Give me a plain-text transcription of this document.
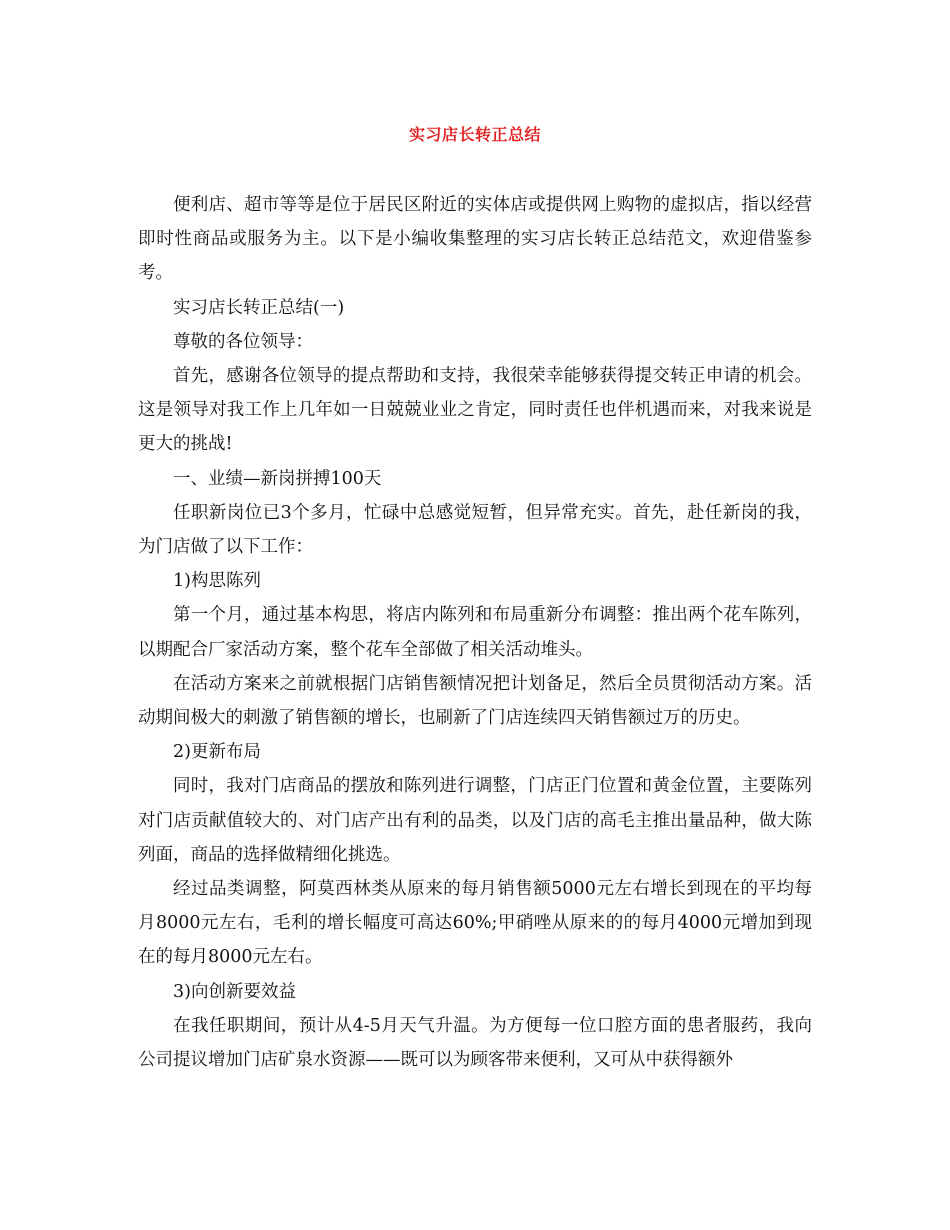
实习店长转正总结

便利店、超市等等是位于居民区附近的实体店或提供网上购物的虚拟店，指以经营即时性商品或服务为主。以下是小编收集整理的实习店长转正总结范文，欢迎借鉴参考。

实习店长转正总结(一)

尊敬的各位领导：

首先，感谢各位领导的提点帮助和支持，我很荣幸能够获得提交转正申请的机会。这是领导对我工作上几年如一日兢兢业业之肯定，同时责任也伴机遇而来，对我来说是更大的挑战!

一、业绩—新岗拼搏100天

任职新岗位已3个多月，忙碌中总感觉短暂，但异常充实。首先，赴任新岗的我，为门店做了以下工作：

1)构思陈列

第一个月，通过基本构思，将店内陈列和布局重新分布调整：推出两个花车陈列，以期配合厂家活动方案，整个花车全部做了相关活动堆头。

在活动方案来之前就根据门店销售额情况把计划备足，然后全员贯彻活动方案。活动期间极大的刺激了销售额的增长，也刷新了门店连续四天销售额过万的历史。

2)更新布局

同时，我对门店商品的摆放和陈列进行调整，门店正门位置和黄金位置，主要陈列对门店贡献值较大的、对门店产出有利的品类，以及门店的高毛主推出量品种，做大陈列面，商品的选择做精细化挑选。

经过品类调整，阿莫西林类从原来的每月销售额5000元左右增长到现在的平均每月8000元左右，毛利的增长幅度可高达60%;甲硝唑从原来的的每月4000元增加到现在的每月8000元左右。

3)向创新要效益

在我任职期间，预计从4-5月天气升温。为方便每一位口腔方面的患者服药，我向公司提议增加门店矿泉水资源——既可以为顾客带来便利，又可从中获得额外
